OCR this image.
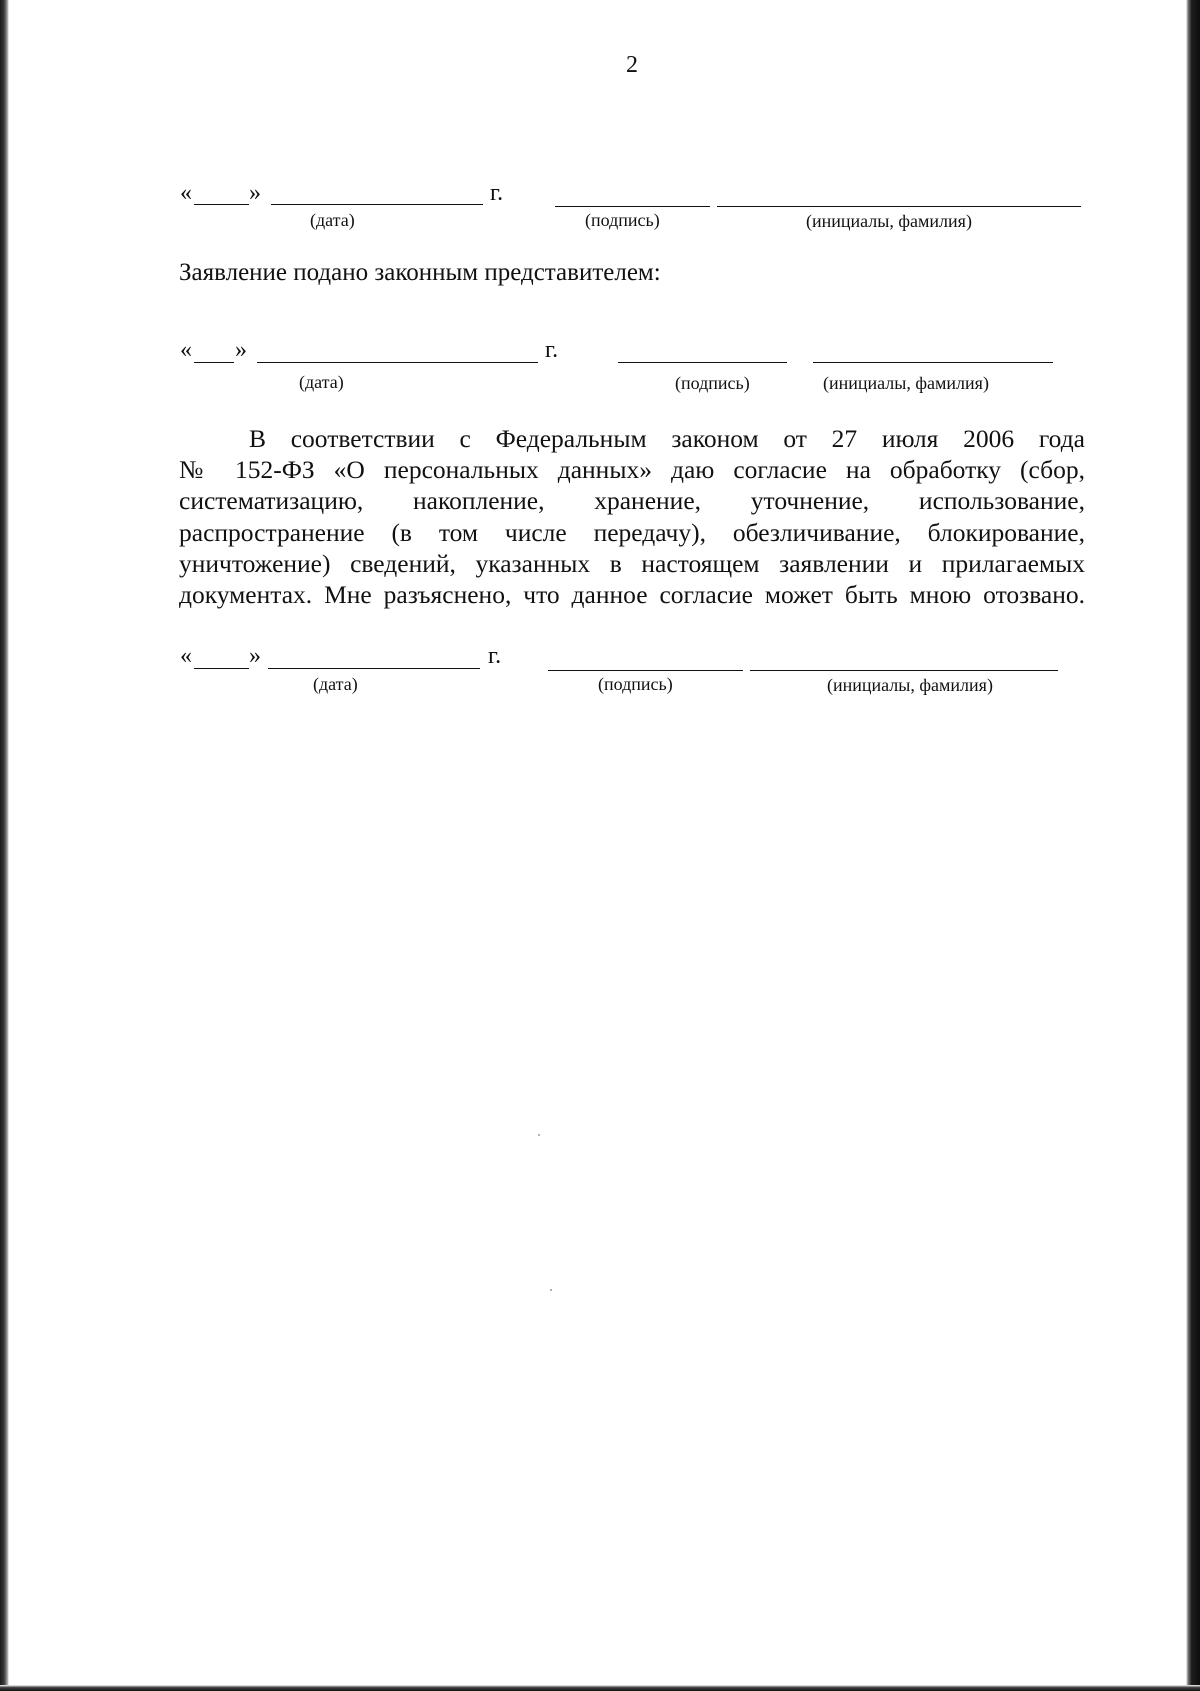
2
« »	г.
(дата)	(подпись)	(инициалы, фамилия)
Заявление подано законным представителем:
« »	г.
(дата)	(подпись)	(инициалы, фамилия)
В соответствии с Федеральным законом от 27 июля 2006 года
№ 152-ФЗ «О персональных данных» даю согласие на обработку (сбор,
систематизацию, накопление, хранение, уточнение, использование,
распространение (в том числе передачу), обезличивание, блокирование,
уничтожение) сведений, указанных в настоящем заявлении и прилагаемых
документах. Мне разъяснено, что данное согласие может быть мною отозвано.
« »	г.
(дата)	(подпись)	(инициалы, фамилия)
